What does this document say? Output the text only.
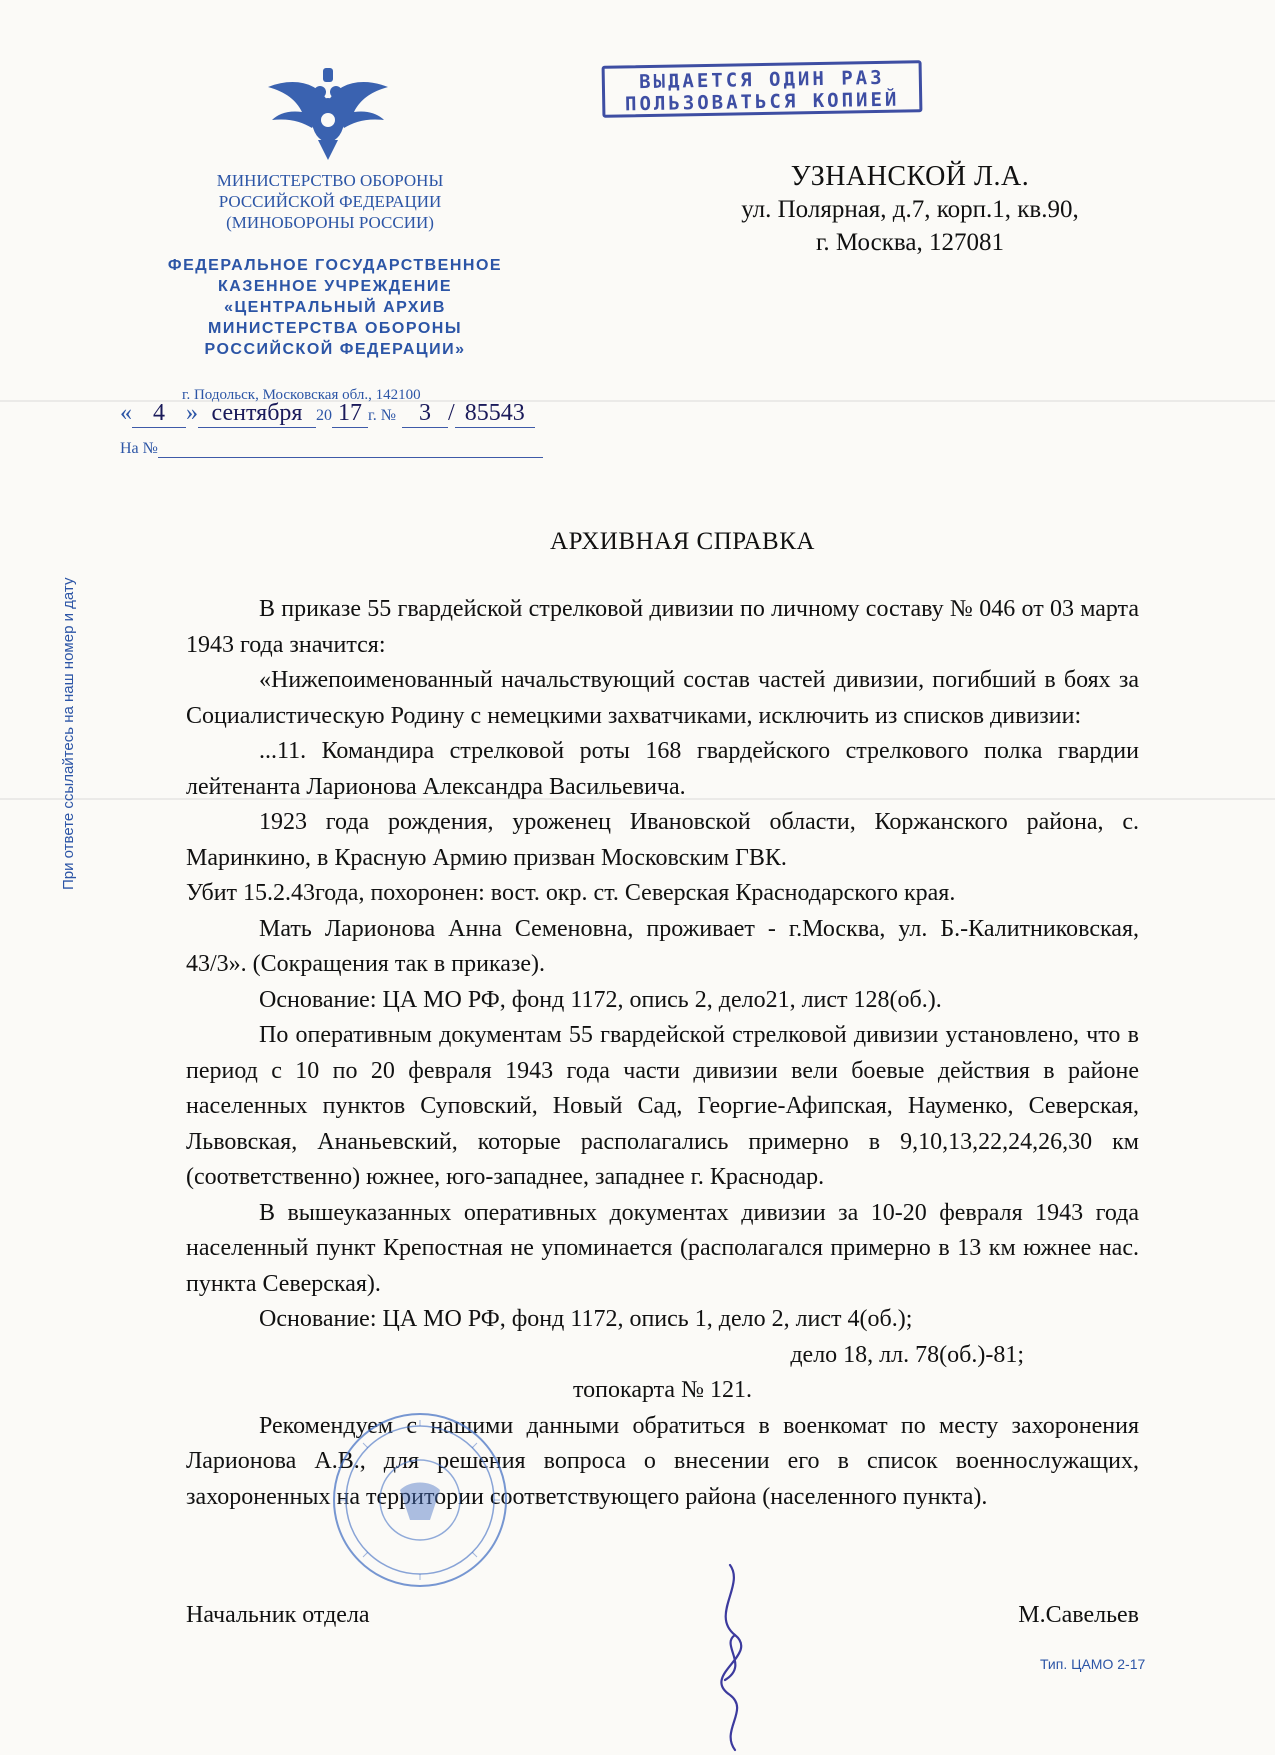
ВЫДАЕТСЯ ОДИН РАЗ
ПОЛЬЗОВАТЬСЯ КОПИЕЙ
МИНИСТЕРСТВО ОБОРОНЫ
РОССИЙСКОЙ ФЕДЕРАЦИИ
(МИНОБОРОНЫ РОССИИ)
ФЕДЕРАЛЬНОЕ ГОСУДАРСТВЕННОЕ
КАЗЕННОЕ УЧРЕЖДЕНИЕ
«ЦЕНТРАЛЬНЫЙ АРХИВ
МИНИСТЕРСТВА ОБОРОНЫ
РОССИЙСКОЙ ФЕДЕРАЦИИ»
г. Подольск, Московская обл., 142100
« 4 » сентября 20 17 г. № 3 / 85543
На №
При ответе ссылайтесь на наш номер и дату
УЗНАНСКОЙ Л.А.
ул. Полярная, д.7, корп.1, кв.90,
г. Москва, 127081
АРХИВНАЯ СПРАВКА

В приказе 55 гвардейской стрелковой дивизии по личному составу № 046 от 03 марта 1943 года значится:

«Нижепоименованный начальствующий состав частей дивизии, погибший в боях за Социалистическую Родину с немецкими захватчиками, исключить из списков дивизии:

...11. Командира стрелковой роты 168 гвардейского стрелкового полка гвардии лейтенанта Ларионова Александра Васильевича.

1923 года рождения, уроженец Ивановской области, Коржанского района, с. Маринкино, в Красную Армию призван Московским ГВК.

Убит 15.2.43года, похоронен: вост. окр. ст. Северская Краснодарского края.

Мать Ларионова Анна Семеновна, проживает - г.Москва, ул. Б.-Калитниковская, 43/3». (Сокращения так в приказе).

Основание: ЦА МО РФ, фонд 1172, опись 2, дело21, лист 128(об.).

По оперативным документам 55 гвардейской стрелковой дивизии установлено, что в период с 10 по 20 февраля 1943 года части дивизии вели боевые действия в районе населенных пунктов Суповский, Новый Сад, Георгие-Афипская, Науменко, Северская, Львовская, Ананьевский, которые располагались примерно в 9,10,13,22,24,26,30 км (соответственно) южнее, юго-западнее, западнее г. Краснодар.

В вышеуказанных оперативных документах дивизии за 10-20 февраля 1943 года населенный пункт Крепостная не упоминается (располагался примерно в 13 км южнее нас. пункта Северская).

Основание: ЦА МО РФ, фонд 1172, опись 1, дело 2, лист 4(об.);

дело 18, лл. 78(об.)-81;

топокарта № 121.

Рекомендуем с нашими данными обратиться в военкомат по месту захоронения Ларионова А.В., для решения вопроса о внесении его в список военнослужащих, захороненных на территории соответствующего района (населенного пункта).

Начальник отдела	М.Савельев
Тип. ЦАМО 2-17
